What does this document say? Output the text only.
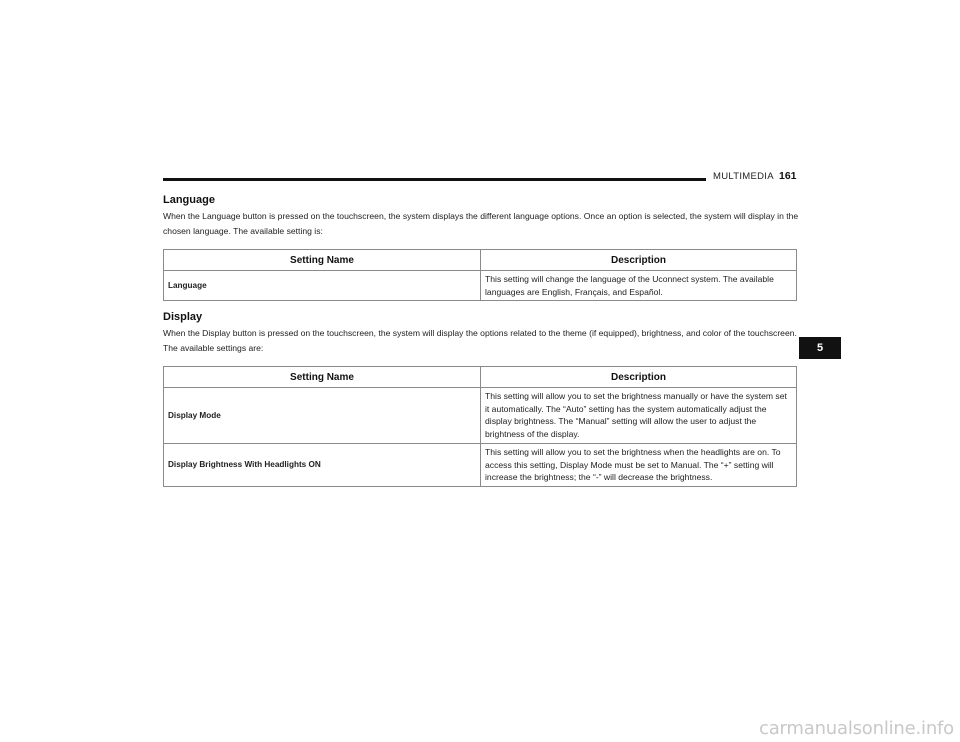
MULTIMEDIA 161
Language

When the Language button is pressed on the touchscreen, the system displays the different language options. Once an option is selected, the system will display in the chosen language. The available setting is:

Setting Name	Description
Language	This setting will change the language of the Uconnect system. The available languages are English, Français, and Español.
Display

When the Display button is pressed on the touchscreen, the system will display the options related to the theme (if equipped), brightness, and color of the touchscreen. The available settings are:

Setting Name	Description
Display Mode	This setting will allow you to set the brightness manually or have the system set it automatically. The “Auto” setting has the system automatically adjust the display brightness. The “Manual” setting will allow the user to adjust the brightness of the display.
Display Brightness With Headlights ON	This setting will allow you to set the brightness when the headlights are on. To access this setting, Display Mode must be set to Manual. The “+” setting will increase the brightness; the “-” will decrease the brightness.
5
carmanualsonline.info
